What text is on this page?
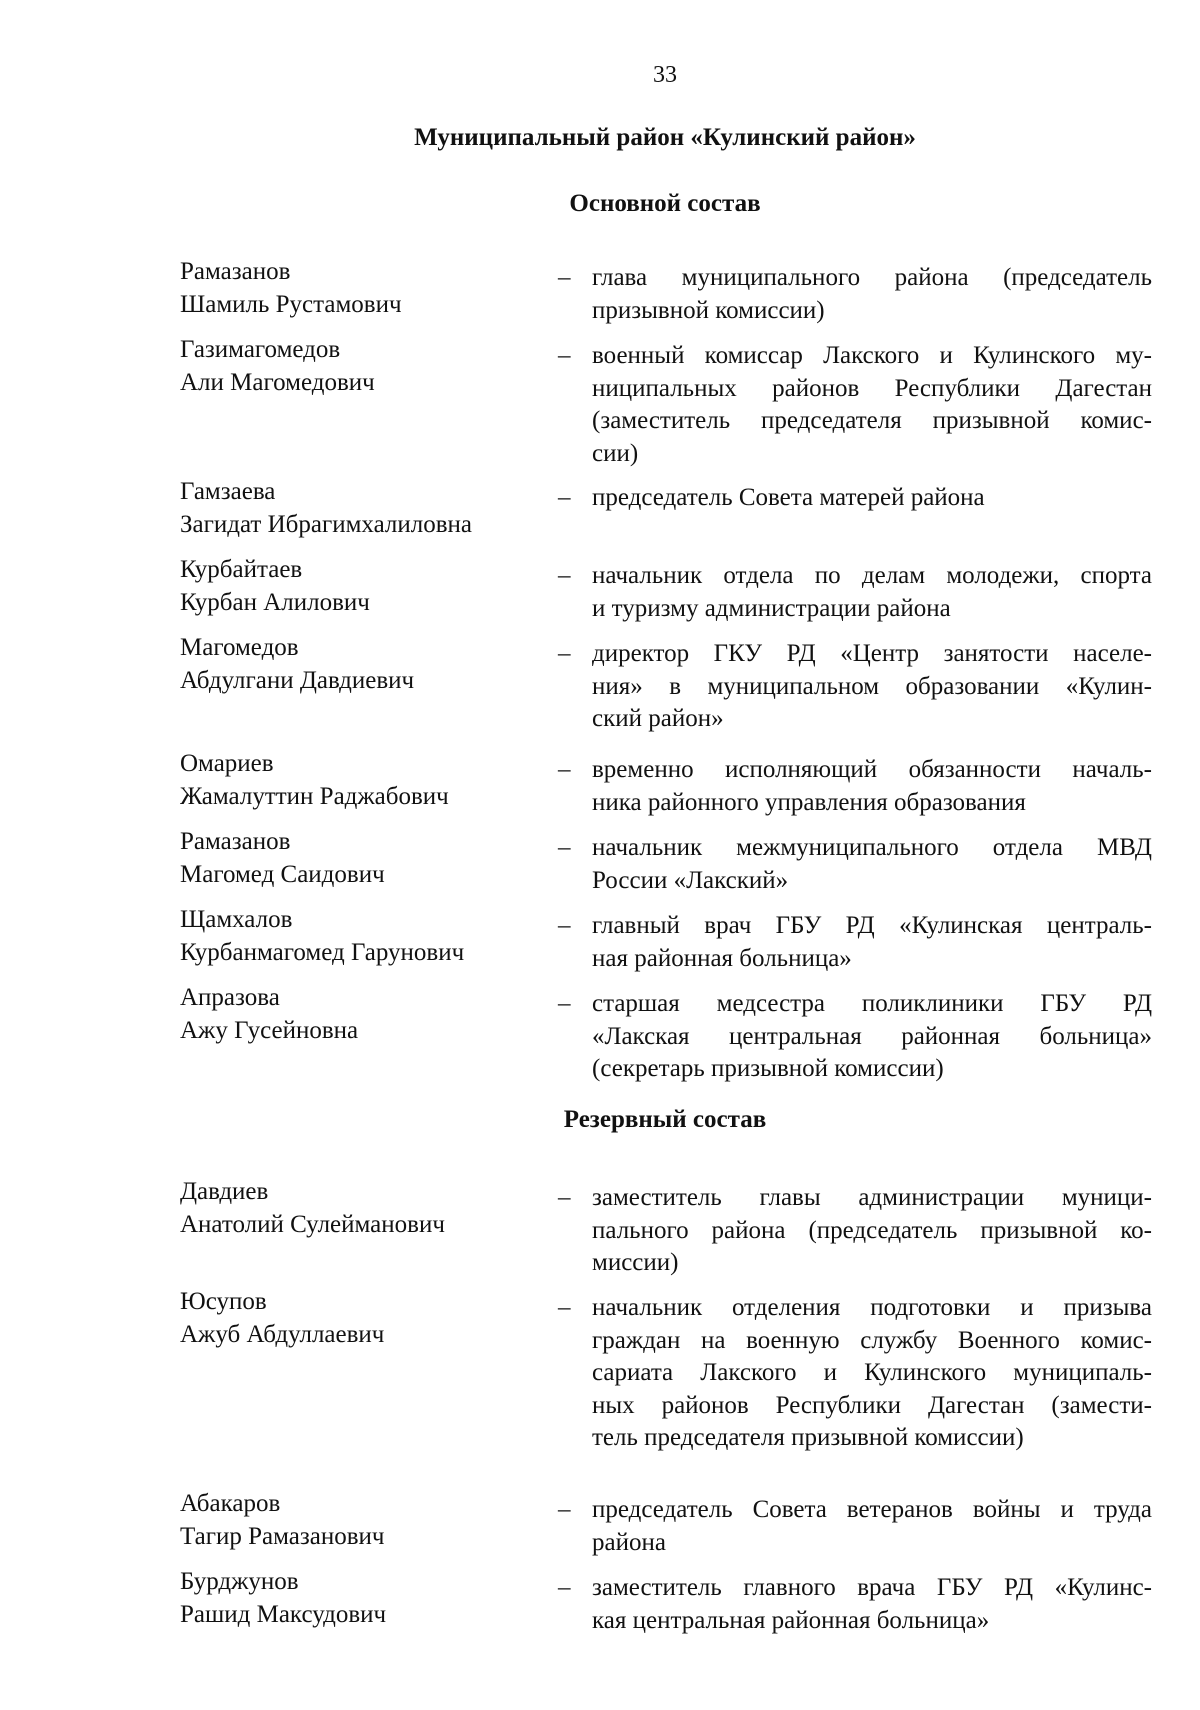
33
Муниципальный район «Кулинский район»
Основной состав
Резервный состав
Рамазанов
Шамиль Рустамович
– глава муниципального района (председатель
призывной комиссии)
Газимагомедов
Али Магомедович
– военный комиссар Лакского и Кулинского му-
ниципальных районов Республики Дагестан
(заместитель председателя призывной комис-
сии)
Гамзаева
Загидат Ибрагимхалиловна
– председатель Совета матерей района
Курбайтаев
Курбан Алилович
– начальник отдела по делам молодежи, спорта
и туризму администрации района
Магомедов
Абдулгани Давдиевич
– директор ГКУ РД «Центр занятости населе-
ния» в муниципальном образовании «Кулин-
ский район»
Омариев
Жамалуттин Раджабович
– временно исполняющий обязанности началь-
ника районного управления образования
Рамазанов
Магомед Саидович
– начальник межмуниципального отдела МВД
России «Лакский»
Щамхалов
Курбанмагомед Гарунович
– главный врач ГБУ РД «Кулинская централь-
ная районная больница»
Апразова
Ажу Гусейновна
– старшая медсестра поликлиники ГБУ РД
«Лакская центральная районная больница»
(секретарь призывной комиссии)
Давдиев
Анатолий Сулейманович
– заместитель главы администрации муници-
пального района (председатель призывной ко-
миссии)
Юсупов
Ажуб Абдуллаевич
– начальник отделения подготовки и призыва
граждан на военную службу Военного комис-
сариата Лакского и Кулинского муниципаль-
ных районов Республики Дагестан (замести-
тель председателя призывной комиссии)
Абакаров
Тагир Рамазанович
– председатель Совета ветеранов войны и труда
района
Бурджунов
Рашид Максудович
– заместитель главного врача ГБУ РД «Кулинс-
кая центральная районная больница»
